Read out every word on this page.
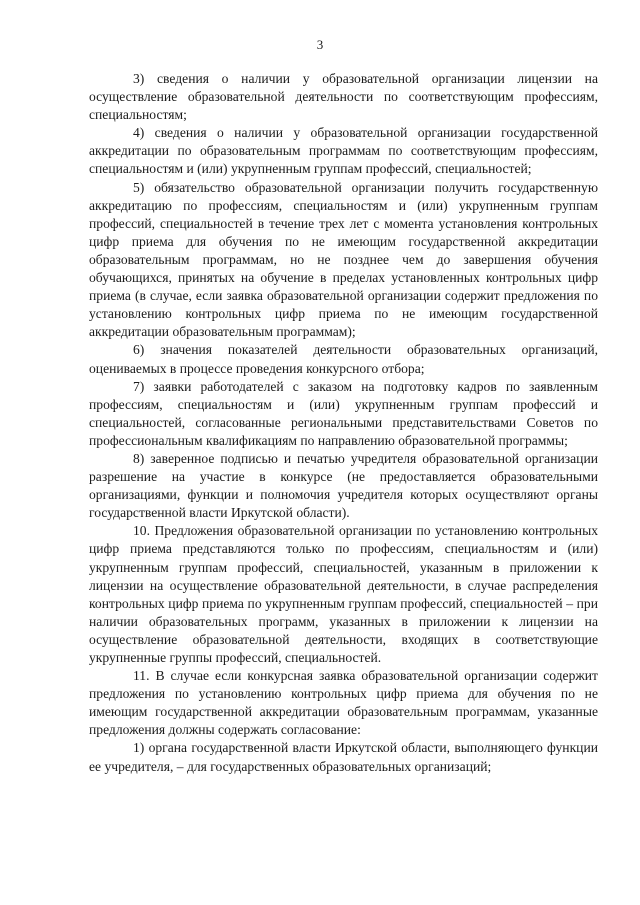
3

3) сведения о наличии у образовательной организации лицензии на осуществление образовательной деятельности по соответствующим профессиям, специальностям;

4) сведения о наличии у образовательной организации государственной аккредитации по образовательным программам по соответствующим профессиям, специальностям и (или) укрупненным группам профессий, специальностей;

5) обязательство образовательной организации получить государственную аккредитацию по профессиям, специальностям и (или) укрупненным группам профессий, специальностей в течение трех лет с момента установления контрольных цифр приема для обучения по не имеющим государственной аккредитации образовательным программам, но не позднее чем до завершения обучения обучающихся, принятых на обучение в пределах установленных контрольных цифр приема (в случае, если заявка образовательной организации содержит предложения по установлению контрольных цифр приема по не имеющим государственной аккредитации образовательным программам);

6) значения показателей деятельности образовательных организаций, оцениваемых в процессе проведения конкурсного отбора;

7) заявки работодателей с заказом на подготовку кадров по заявленным профессиям, специальностям и (или) укрупненным группам профессий и специальностей, согласованные региональными представительствами Советов по профессиональным квалификациям по направлению образовательной программы;

8) заверенное подписью и печатью учредителя образовательной организации разрешение на участие в конкурсе (не предоставляется образовательными организациями, функции и полномочия учредителя которых осуществляют органы государственной власти Иркутской области).

10. Предложения образовательной организации по установлению контрольных цифр приема представляются только по профессиям, специальностям и (или) укрупненным группам профессий, специальностей, указанным в приложении к лицензии на осуществление образовательной деятельности, в случае распределения контрольных цифр приема по укрупненным группам профессий, специальностей – при наличии образовательных программ, указанных в приложении к лицензии на осуществление образовательной деятельности, входящих в соответствующие укрупненные группы профессий, специальностей.

11. В случае если конкурсная заявка образовательной организации содержит предложения по установлению контрольных цифр приема для обучения по не имеющим государственной аккредитации образовательным программам, указанные предложения должны содержать согласование:

1) органа государственной власти Иркутской области, выполняющего функции ее учредителя, – для государственных образовательных организаций;
